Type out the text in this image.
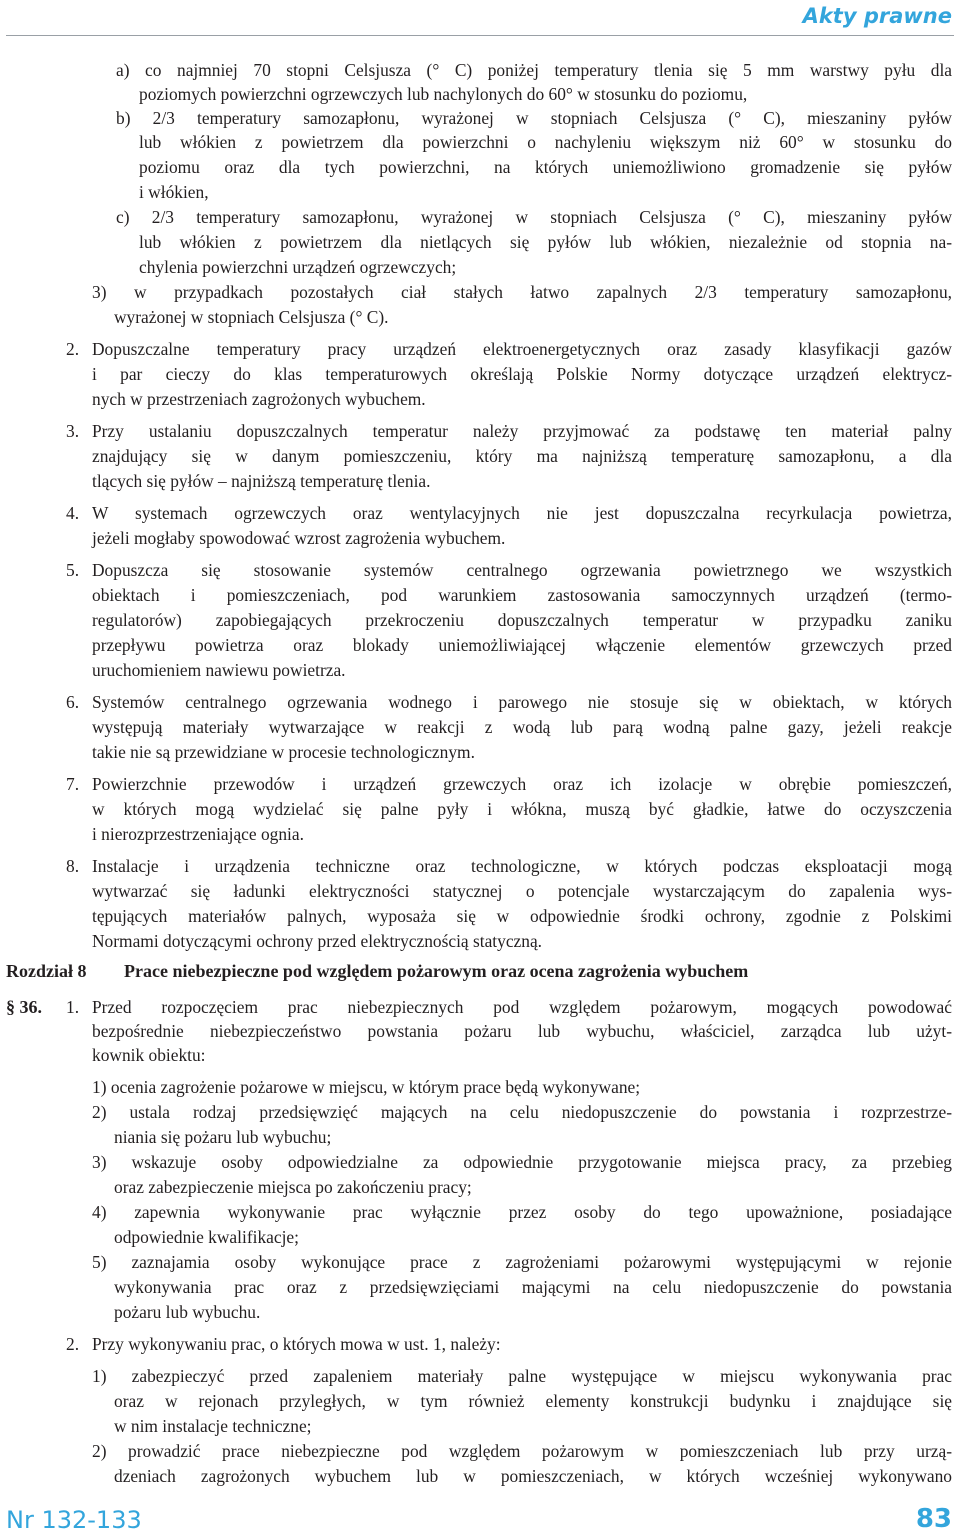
Akty prawne
a) co najmniej 70 stopni Celsjusza (° C) poniżej temperatury tlenia się 5 mm warstwy pyłu dla
poziomych powierzchni ogrzewczych lub nachylonych do 60° w stosunku do poziomu,
b) 2/3 temperatury samozapłonu, wyrażonej w stopniach Celsjusza (° C), mieszaniny pyłów
lub włókien z powietrzem dla powierzchni o nachyleniu większym niż 60° w stosunku do
poziomu oraz dla tych powierzchni, na których uniemożliwiono gromadzenie się pyłów
i włókien,
c) 2/3 temperatury samozapłonu, wyrażonej w stopniach Celsjusza (° C), mieszaniny pyłów
lub włókien z powietrzem dla nietlących się pyłów lub włókien, niezależnie od stopnia na-
chylenia powierzchni urządzeń ogrzewczych;
3) w przypadkach pozostałych ciał stałych łatwo zapalnych 2/3 temperatury samozapłonu,
wyrażonej w stopniach Celsjusza (° C).
2. Dopuszczalne temperatury pracy urządzeń elektroenergetycznych oraz zasady klasyfikacji gazów
i par cieczy do klas temperaturowych określają Polskie Normy dotyczące urządzeń elektrycz-
nych w przestrzeniach zagrożonych wybuchem.
3. Przy ustalaniu dopuszczalnych temperatur należy przyjmować za podstawę ten materiał palny
znajdujący się w danym pomieszczeniu, który ma najniższą temperaturę samozapłonu, a dla
tlących się pyłów – najniższą temperaturę tlenia.
4. W systemach ogrzewczych oraz wentylacyjnych nie jest dopuszczalna recyrkulacja powietrza,
jeżeli mogłaby spowodować wzrost zagrożenia wybuchem.
5. Dopuszcza się stosowanie systemów centralnego ogrzewania powietrznego we wszystkich
obiektach i pomieszczeniach, pod warunkiem zastosowania samoczynnych urządzeń (termo-
regulatorów) zapobiegających przekroczeniu dopuszczalnych temperatur w przypadku zaniku
przepływu powietrza oraz blokady uniemożliwiającej włączenie elementów grzewczych przed
uruchomieniem nawiewu powietrza.
6. Systemów centralnego ogrzewania wodnego i parowego nie stosuje się w obiektach, w których
występują materiały wytwarzające w reakcji z wodą lub parą wodną palne gazy, jeżeli reakcje
takie nie są przewidziane w procesie technologicznym.
7. Powierzchnie przewodów i urządzeń grzewczych oraz ich izolacje w obrębie pomieszczeń,
w których mogą wydzielać się palne pyły i włókna, muszą być gładkie, łatwe do oczyszczenia
i nierozprzestrzeniające ognia.
8. Instalacje i urządzenia techniczne oraz technologiczne, w których podczas eksploatacji mogą
wytwarzać się ładunki elektryczności statycznej o potencjale wystarczającym do zapalenia wys-
tępujących materiałów palnych, wyposaża się w odpowiednie środki ochrony, zgodnie z Polskimi
Normami dotyczącymi ochrony przed elektrycznością statyczną.
Rozdział 8 Prace niebezpieczne pod względem pożarowym oraz ocena zagrożenia wybuchem
§ 36. 1. Przed rozpoczęciem prac niebezpiecznych pod względem pożarowym, mogących powodować
bezpośrednie niebezpieczeństwo powstania pożaru lub wybuchu, właściciel, zarządca lub użyt-
kownik obiektu:
1) ocenia zagrożenie pożarowe w miejscu, w którym prace będą wykonywane;
2) ustala rodzaj przedsięwzięć mających na celu niedopuszczenie do powstania i rozprzestrze-
niania się pożaru lub wybuchu;
3) wskazuje osoby odpowiedzialne za odpowiednie przygotowanie miejsca pracy, za przebieg
oraz zabezpieczenie miejsca po zakończeniu pracy;
4) zapewnia wykonywanie prac wyłącznie przez osoby do tego upoważnione, posiadające
odpowiednie kwalifikacje;
5) zaznajamia osoby wykonujące prace z zagrożeniami pożarowymi występującymi w rejonie
wykonywania prac oraz z przedsięwzięciami mającymi na celu niedopuszczenie do powstania
pożaru lub wybuchu.
2. Przy wykonywaniu prac, o których mowa w ust. 1, należy:
1) zabezpieczyć przed zapaleniem materiały palne występujące w miejscu wykonywania prac
oraz w rejonach przyległych, w tym również elementy konstrukcji budynku i znajdujące się
w nim instalacje techniczne;
2) prowadzić prace niebezpieczne pod względem pożarowym w pomieszczeniach lub przy urzą-
dzeniach zagrożonych wybuchem lub w pomieszczeniach, w których wcześniej wykonywano
Nr 132-133	83
